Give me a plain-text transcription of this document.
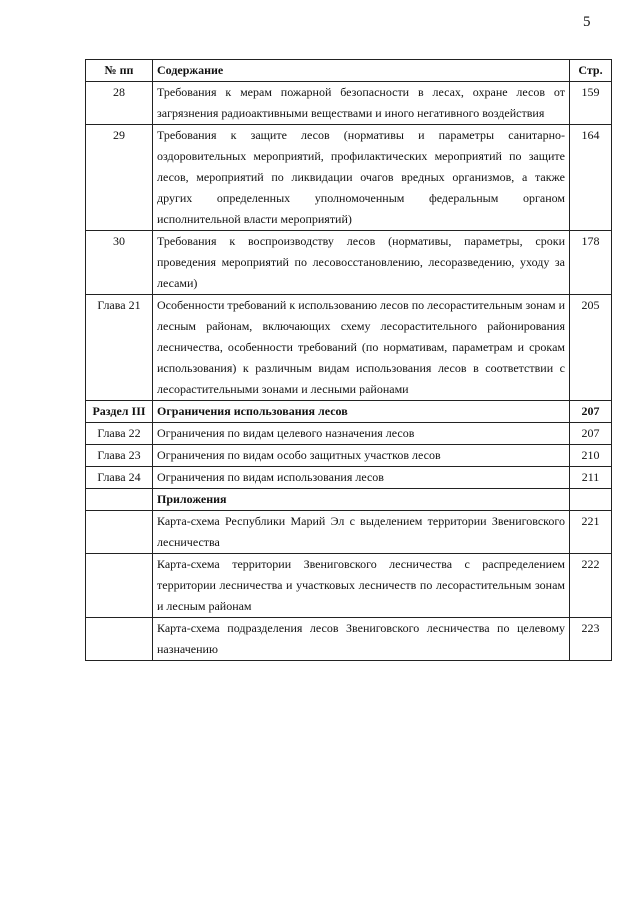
5
№ пп	Содержание	Стр.
28	Требования к мерам пожарной безопасности в лесах, охране лесов от загрязнения радиоактивными веществами и иного негативного воздействия	159
29	Требования к защите лесов (нормативы и параметры санитарно-оздоровительных мероприятий, профилактических мероприятий по защите лесов, мероприятий по ликвидации очагов вредных организмов, а также других определенных уполномоченным федеральным органом исполнительной власти мероприятий)	164
30	Требования к воспроизводству лесов (нормативы, параметры, сроки проведения мероприятий по лесовосстановлению, лесоразведению, уходу за лесами)	178
Глава 21	Особенности требований к использованию лесов по лесорастительным зонам и лесным районам, включающих схему лесорастительного районирования лесничества, особенности требований (по нормативам, параметрам и срокам использования) к различным видам использования лесов в соответствии с лесорастительными зонами и лесными районами	205
Раздел III	Ограничения использования лесов	207
Глава 22	Ограничения по видам целевого назначения лесов	207
Глава 23	Ограничения по видам особо защитных участков лесов	210
Глава 24	Ограничения по видам использования лесов	211
	Приложения	
	Карта-схема Республики Марий Эл с выделением территории Звениговского лесничества	221
	Карта-схема территории Звениговского лесничества с распределением территории лесничества и участковых лесничеств по лесорастительным зонам и лесным районам	222
	Карта-схема подразделения лесов Звениговского лесничества по целевому назначению	223
